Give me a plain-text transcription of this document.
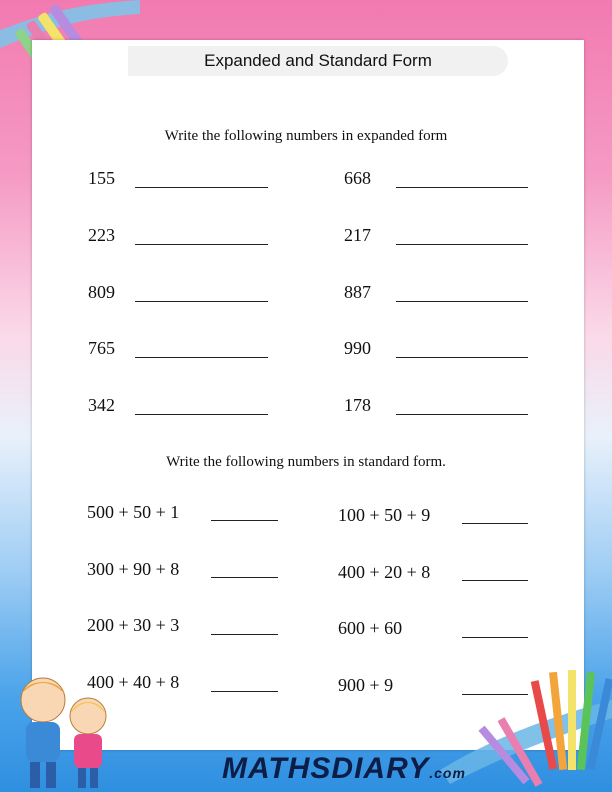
Expanded and Standard Form
Write the following numbers in expanded form
155	668
223	217
809	887
765	990
342	178
Write the following numbers in standard form.
500 + 50 + 1	100 + 50 + 9
300 + 90 + 8	400 + 20 + 8
200 + 30 + 3	600 + 60
400 + 40 + 8	900 + 9
MATHSDIARY.com
